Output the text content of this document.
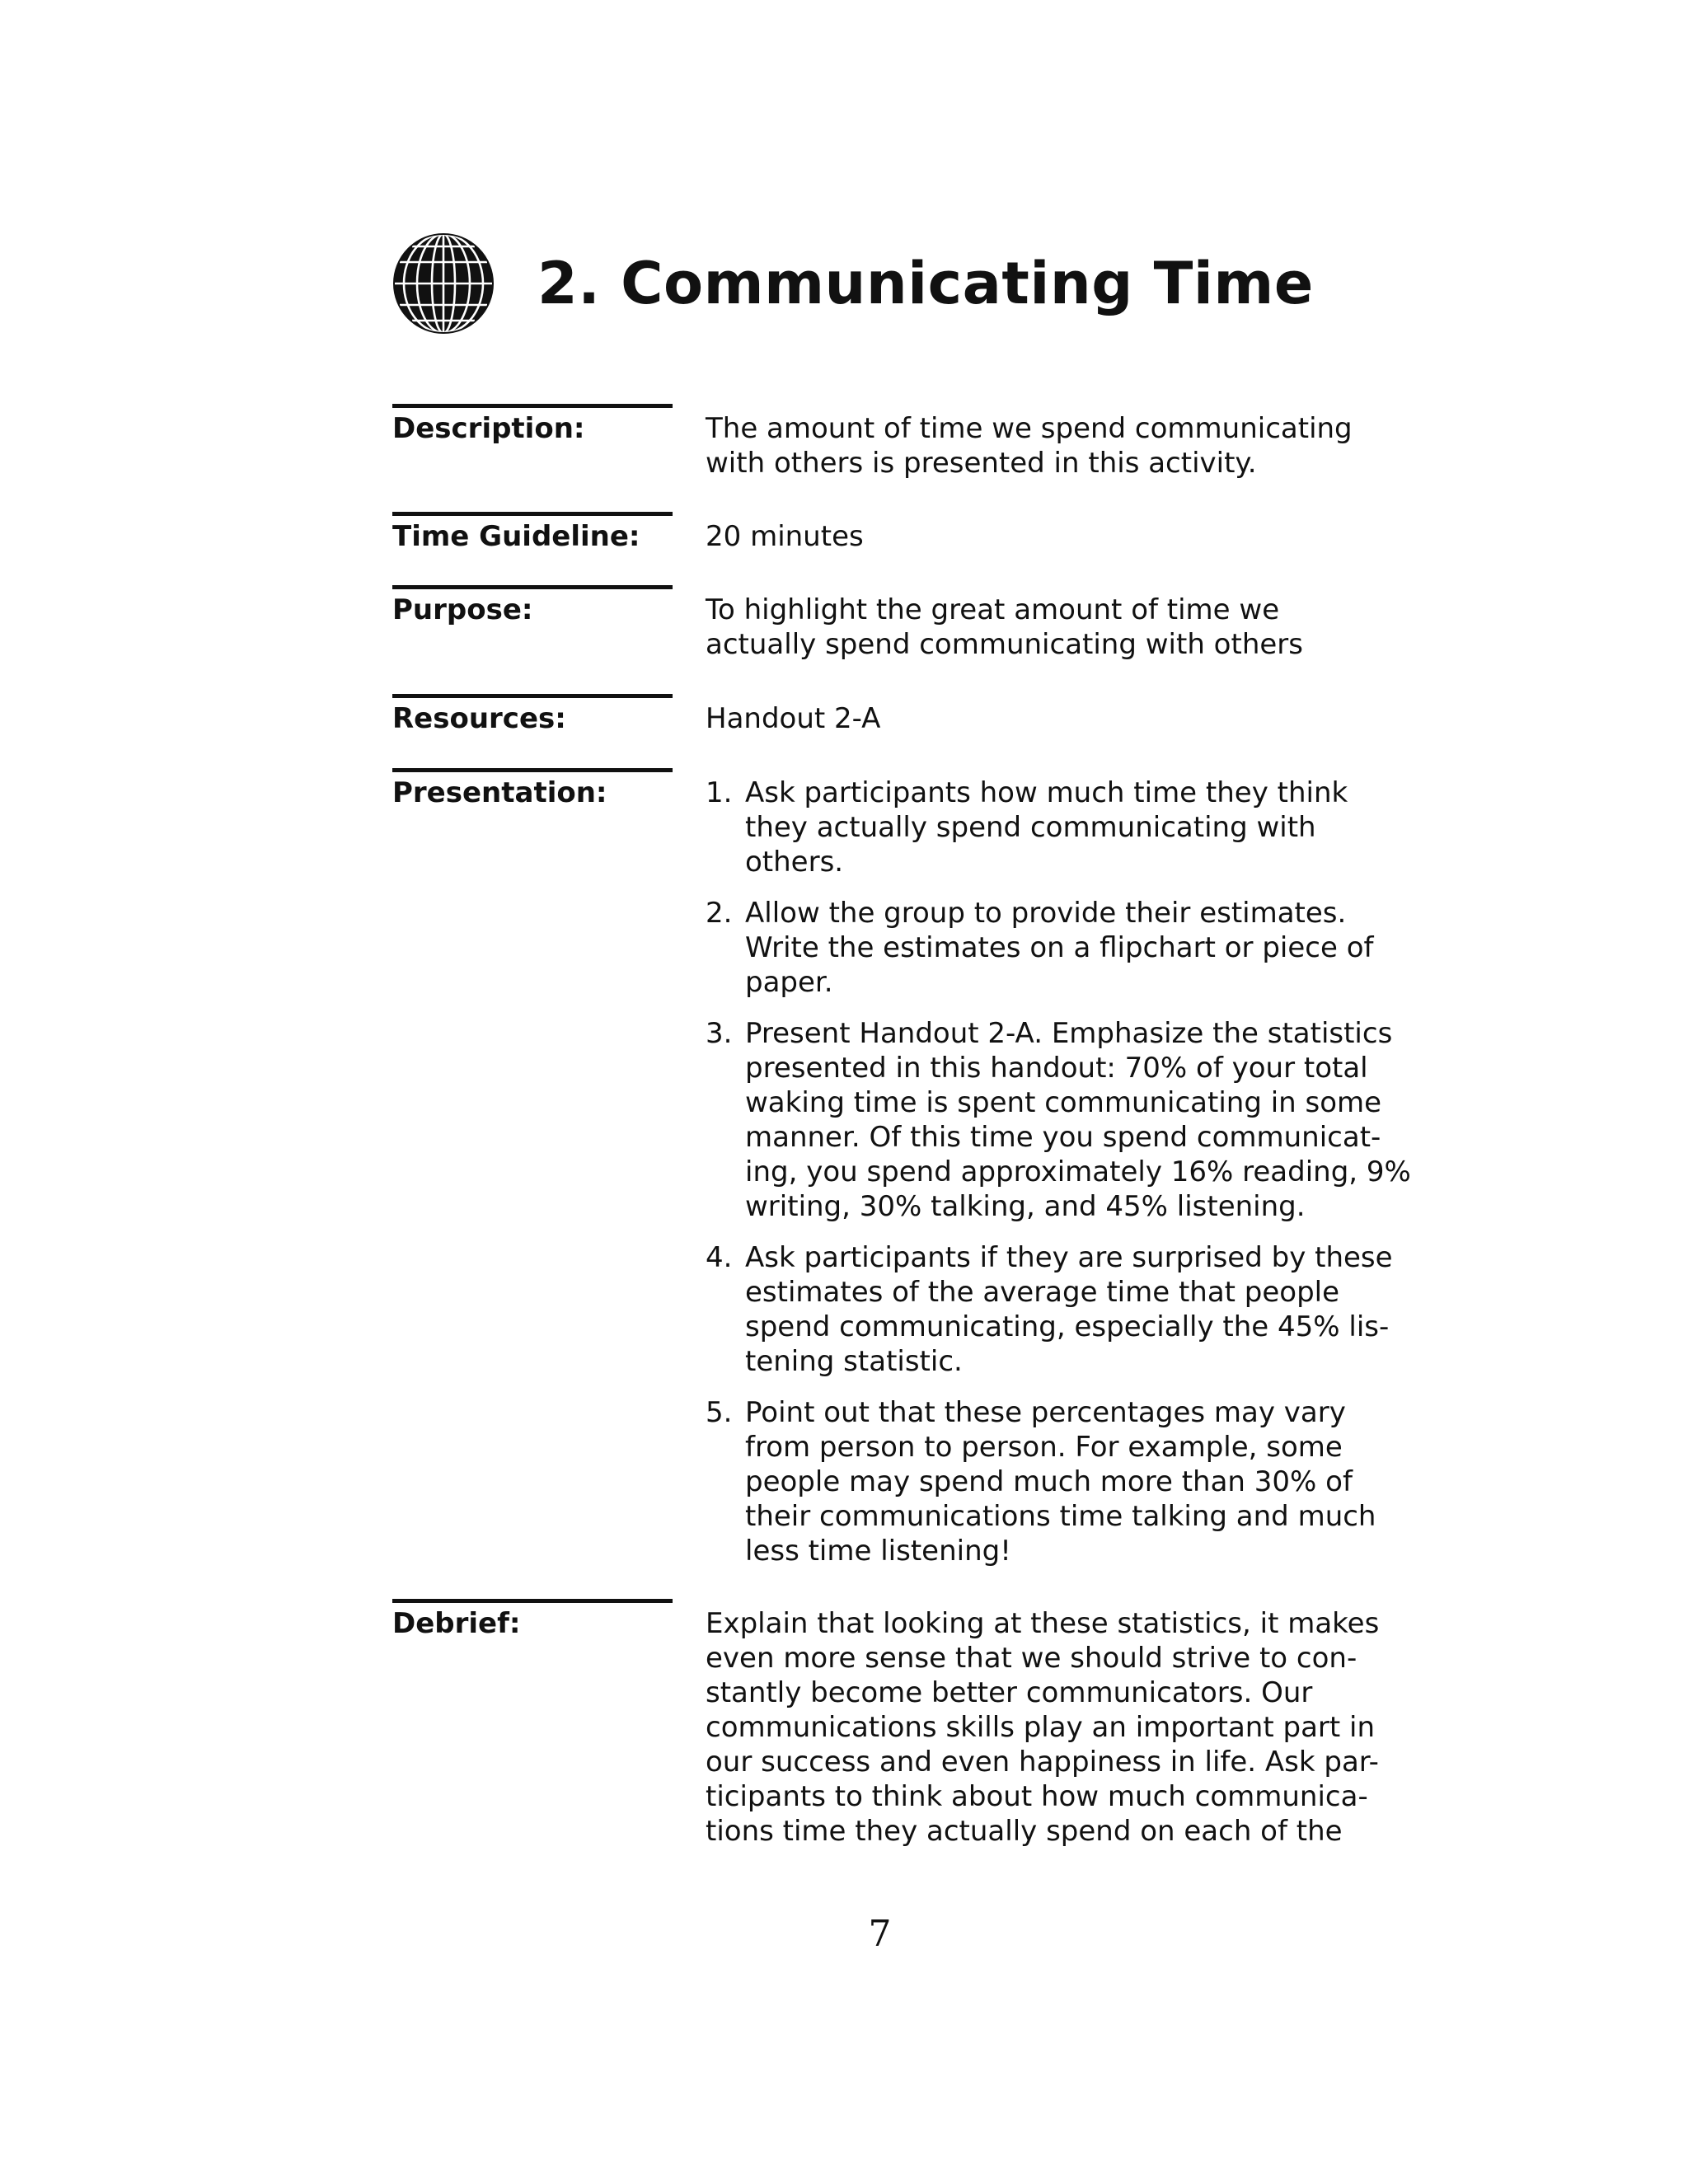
2. Communicating Time
Description:	The amount of time we spend communicating
with others is presented in this activity.
Time Guideline:	20 minutes
Purpose:	To highlight the great amount of time we
actually spend communicating with others
Resources:	Handout 2-A
Presentation:	1. Ask participants how much time they think
they actually spend communicating with
others.
2. Allow the group to provide their estimates.
Write the estimates on a flipchart or piece of
paper.
3. Present Handout 2-A. Emphasize the statistics
presented in this handout: 70% of your total
waking time is spent communicating in some
manner. Of this time you spend communicat-
ing, you spend approximately 16% reading, 9%
writing, 30% talking, and 45% listening.
4. Ask participants if they are surprised by these
estimates of the average time that people
spend communicating, especially the 45% lis-
tening statistic.
5. Point out that these percentages may vary
from person to person. For example, some
people may spend much more than 30% of
their communications time talking and much
less time listening!
Debrief:	Explain that looking at these statistics, it makes
even more sense that we should strive to con-
stantly become better communicators. Our
communications skills play an important part in
our success and even happiness in life. Ask par-
ticipants to think about how much communica-
tions time they actually spend on each of the
7
